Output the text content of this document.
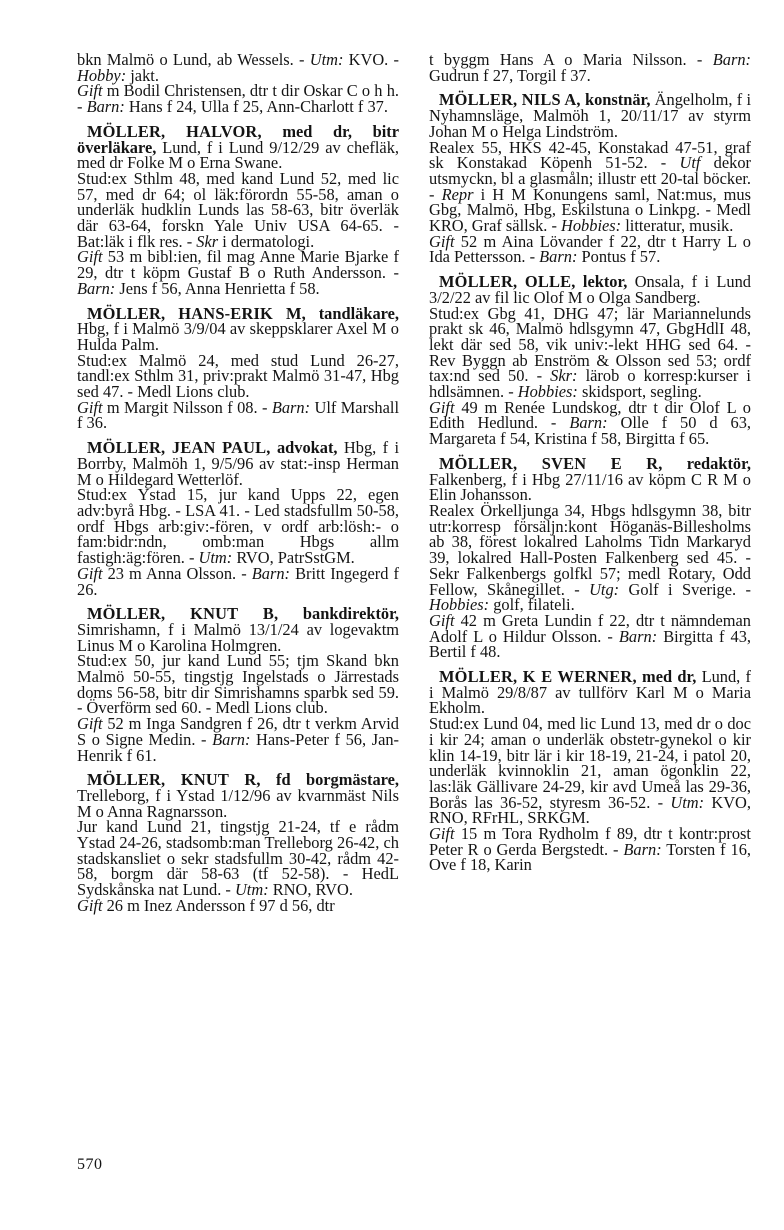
bkn Malmö o Lund, ab Wessels. - Utm: KVO. - Hobby: jakt.

Gift m Bodil Christensen, dtr t dir Oskar C o h h. - Barn: Hans f 24, Ulla f 25, Ann-Charlott f 37.

MÖLLER, HALVOR, med dr, bitr överläkare, Lund, f i Lund 9/12/29 av chefläk, med dr Folke M o Erna Swane.

Stud:ex Sthlm 48, med kand Lund 52, med lic 57, med dr 64; ol läk:förordn 55-58, aman o underläk hudklin Lunds las 58-63, bitr överläk där 63-64, forskn Yale Univ USA 64-65. - Bat:läk i flk res. - Skr i dermatologi.

Gift 53 m bibl:ien, fil mag Anne Marie Bjarke f 29, dtr t köpm Gustaf B o Ruth Andersson. - Barn: Jens f 56, Anna Henrietta f 58.

MÖLLER, HANS-ERIK M, tandläkare, Hbg, f i Malmö 3/9/04 av skeppsklarer Axel M o Hulda Palm.

Stud:ex Malmö 24, med stud Lund 26-27, tandl:ex Sthlm 31, priv:prakt Malmö 31-47, Hbg sed 47. - Medl Lions club.

Gift m Margit Nilsson f 08. - Barn: Ulf Marshall f 36.

MÖLLER, JEAN PAUL, advokat, Hbg, f i Borrby, Malmöh 1, 9/5/96 av stat:-insp Herman M o Hildegard Wetterlöf.

Stud:ex Ystad 15, jur kand Upps 22, egen adv:byrå Hbg. - LSA 41. - Led stadsfullm 50-58, ordf Hbgs arb:giv:-fören, v ordf arb:lösh:- o fam:bidr:ndn, omb:man Hbgs allm fastigh:äg:fören. - Utm: RVO, PatrSstGM.

Gift 23 m Anna Olsson. - Barn: Britt Ingegerd f 26.

MÖLLER, KNUT B, bankdirektör, Simrishamn, f i Malmö 13/1/24 av logevaktm Linus M o Karolina Holmgren.

Stud:ex 50, jur kand Lund 55; tjm Skand bkn Malmö 50-55, tingstjg Ingelstads o Järrestads doms 56-58, bitr dir Simrishamns sparbk sed 59. - Överförm sed 60. - Medl Lions club.

Gift 52 m Inga Sandgren f 26, dtr t verkm Arvid S o Signe Medin. - Barn: Hans-Peter f 56, Jan-Henrik f 61.

MÖLLER, KNUT R, fd borgmästare, Trelleborg, f i Ystad 1/12/96 av kvarnmäst Nils M o Anna Ragnarsson.

Jur kand Lund 21, tingstjg 21-24, tf e rådm Ystad 24-26, stadsomb:man Trelleborg 26-42, ch stadskansliet o sekr stadsfullm 30-42, rådm 42-58, borgm där 58-63 (tf 52-58). - HedL Sydskånska nat Lund. - Utm: RNO, RVO.

Gift 26 m Inez Andersson f 97 d 56, dtr

t byggm Hans A o Maria Nilsson. - Barn: Gudrun f 27, Torgil f 37.

MÖLLER, NILS A, konstnär, Ängelholm, f i Nyhamnsläge, Malmöh 1, 20/11/17 av styrm Johan M o Helga Lindström.

Realex 55, HKS 42-45, Konstakad 47-51, graf sk Konstakad Köpenh 51-52. - Utf dekor utsmyckn, bl a glasmåln; illustr ett 20-tal böcker. - Repr i H M Konungens saml, Nat:mus, mus Gbg, Malmö, Hbg, Eskilstuna o Linkpg. - Medl KRO, Graf sällsk. - Hobbies: litteratur, musik.

Gift 52 m Aina Lövander f 22, dtr t Harry L o Ida Pettersson. - Barn: Pontus f 57.

MÖLLER, OLLE, lektor, Onsala, f i Lund 3/2/22 av fil lic Olof M o Olga Sandberg.

Stud:ex Gbg 41, DHG 47; lär Mariannelunds prakt sk 46, Malmö hdlsgymn 47, GbgHdlI 48, lekt där sed 58, vik univ:-lekt HHG sed 64. - Rev Byggn ab Enström & Olsson sed 53; ordf tax:nd sed 50. - Skr: lärob o korresp:kurser i hdlsämnen. - Hobbies: skidsport, segling.

Gift 49 m Renée Lundskog, dtr t dir Olof L o Edith Hedlund. - Barn: Olle f 50 d 63, Margareta f 54, Kristina f 58, Birgitta f 65.

MÖLLER, SVEN E R, redaktör, Falkenberg, f i Hbg 27/11/16 av köpm C R M o Elin Johansson.

Realex Örkelljunga 34, Hbgs hdlsgymn 38, bitr utr:korresp försäljn:kont Höganäs-Billesholms ab 38, förest lokalred Laholms Tidn Markaryd 39, lokalred Hall-Posten Falkenberg sed 45. - Sekr Falkenbergs golfkl 57; medl Rotary, Odd Fellow, Skånegillet. - Utg: Golf i Sverige. - Hobbies: golf, filateli.

Gift 42 m Greta Lundin f 22, dtr t nämndeman Adolf L o Hildur Olsson. - Barn: Birgitta f 43, Bertil f 48.

MÖLLER, K E WERNER, med dr, Lund, f i Malmö 29/8/87 av tullförv Karl M o Maria Ekholm.

Stud:ex Lund 04, med lic Lund 13, med dr o doc i kir 24; aman o underläk obstetr-gynekol o kir klin 14-19, bitr lär i kir 18-19, 21-24, i patol 20, underläk kvinnoklin 21, aman ögonklin 22, las:läk Gällivare 24-29, kir avd Umeå las 29-36, Borås las 36-52, styresm 36-52. - Utm: KVO, RNO, RFrHL, SRKGM.

Gift 15 m Tora Rydholm f 89, dtr t kontr:prost Peter R o Gerda Bergstedt. - Barn: Torsten f 16, Ove f 18, Karin

570
